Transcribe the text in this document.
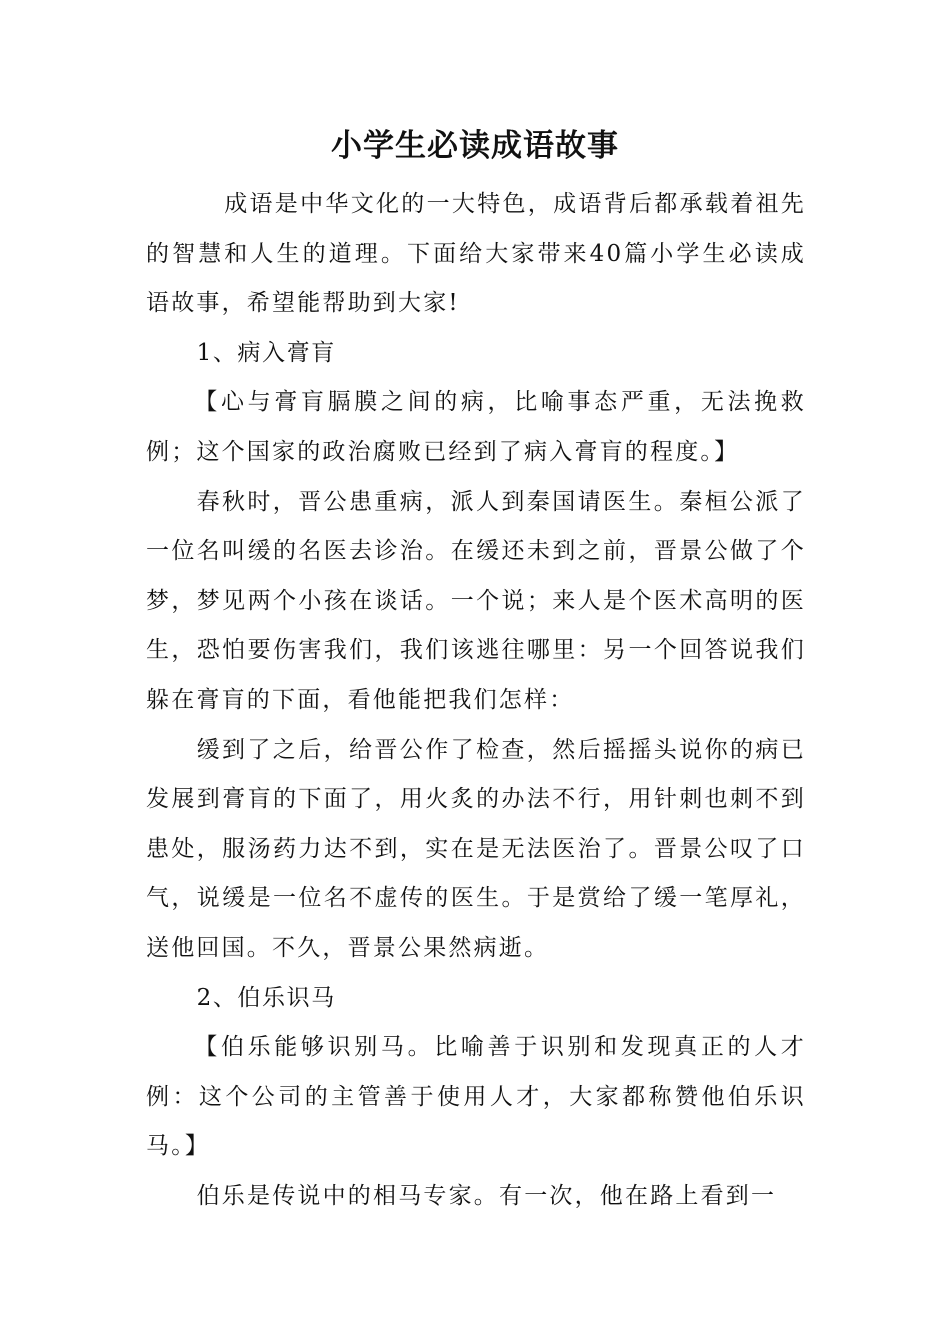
小学生必读成语故事

成语是中华文化的一大特色，成语背后都承载着祖先的智慧和人生的道理。下面给大家带来40篇小学生必读成语故事，希望能帮助到大家!

1、病入膏肓

【心与膏肓膈膜之间的病，比喻事态严重，无法挽救例；这个国家的政治腐败已经到了病入膏肓的程度。】

春秋时，晋公患重病，派人到秦国请医生。秦桓公派了一位名叫缓的名医去诊治。在缓还未到之前，晋景公做了个梦，梦见两个小孩在谈话。一个说；来人是个医术高明的医生，恐怕要伤害我们，我们该逃往哪里：另一个回答说我们躲在膏肓的下面，看他能把我们怎样：

缓到了之后，给晋公作了检查，然后摇摇头说你的病已发展到膏肓的下面了，用火炙的办法不行，用针刺也刺不到患处，服汤药力达不到，实在是无法医治了。晋景公叹了口气，说缓是一位名不虚传的医生。于是赏给了缓一笔厚礼，送他回国。不久，晋景公果然病逝。

2、伯乐识马

【伯乐能够识别马。比喻善于识别和发现真正的人才例：这个公司的主管善于使用人才，大家都称赞他伯乐识马。】

伯乐是传说中的相马专家。有一次，他在路上看到一
